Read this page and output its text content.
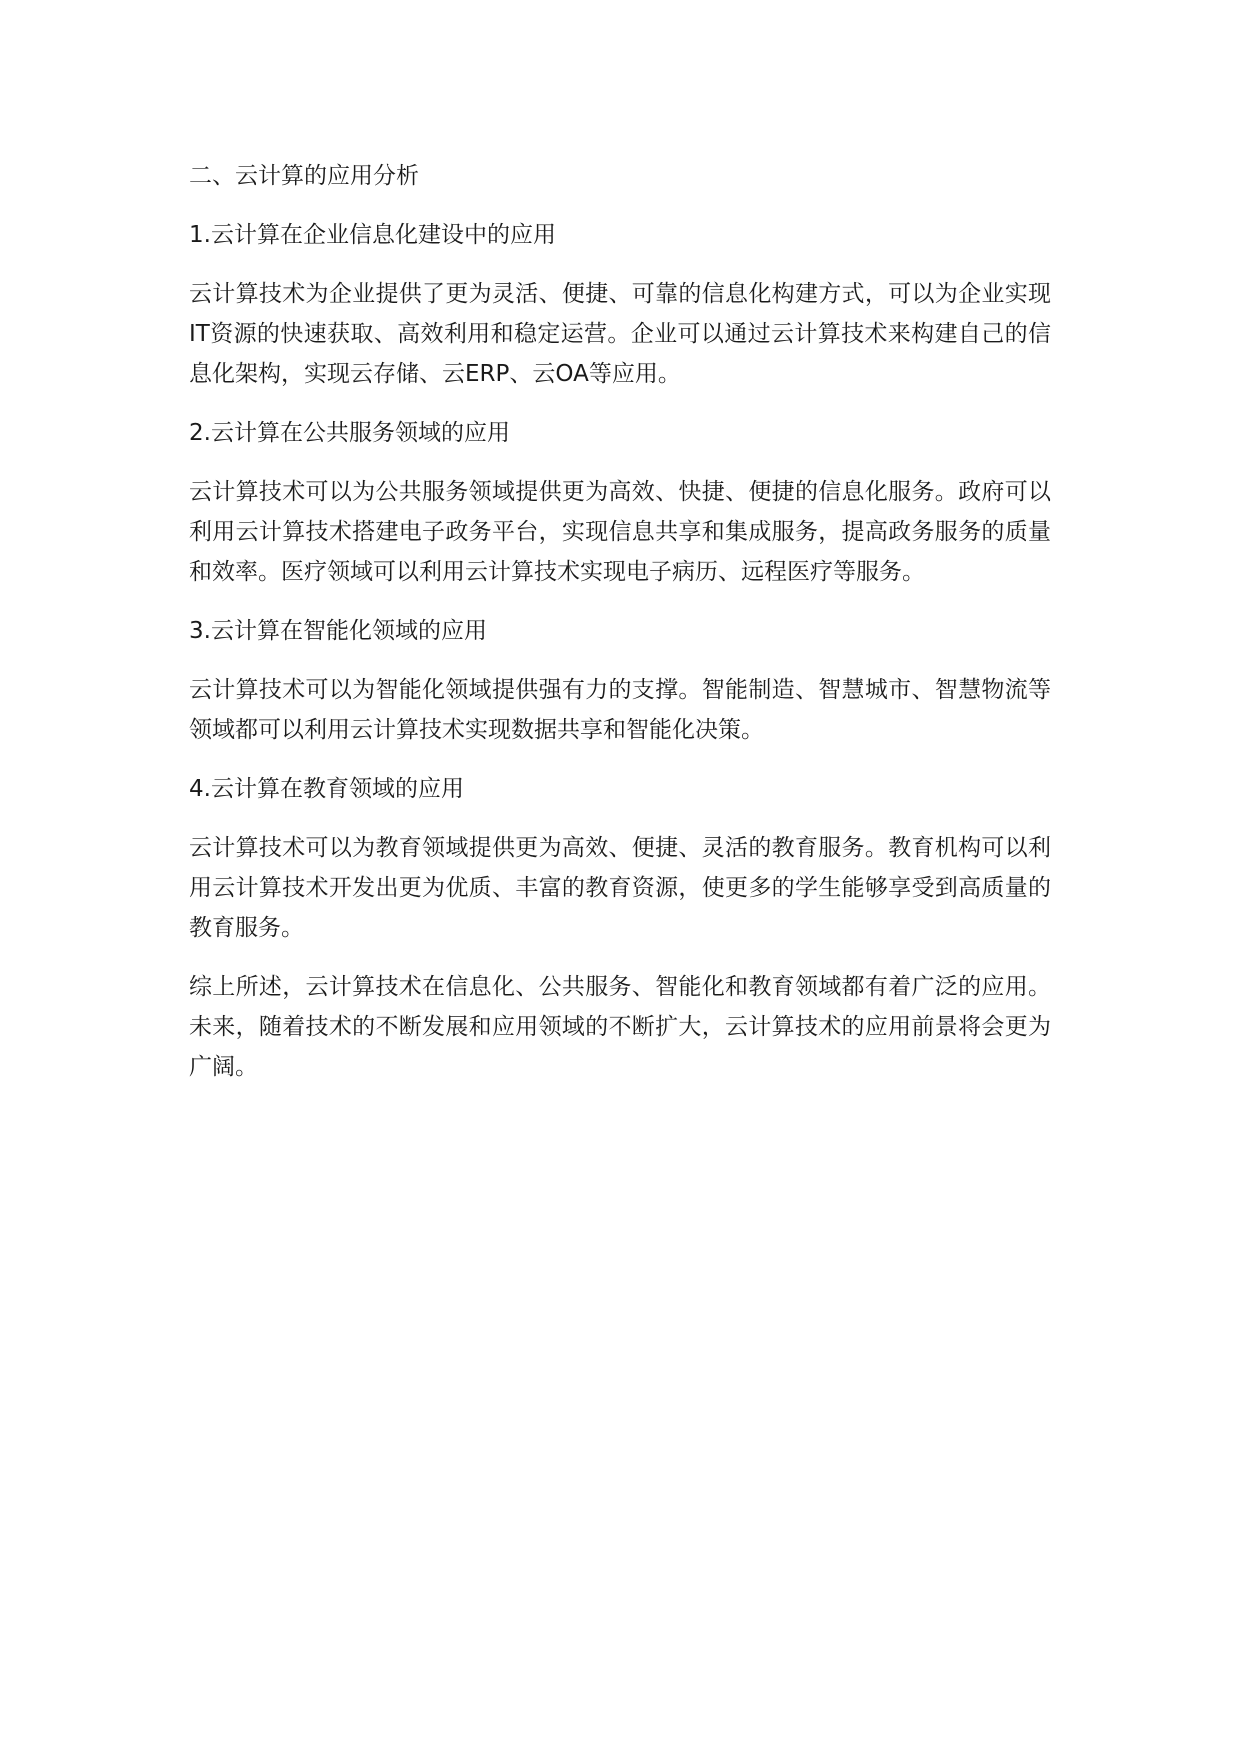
二、云计算的应用分析
1.云计算在企业信息化建设中的应用
云计算技术为企业提供了更为灵活、便捷、可靠的信息化构建方式，可以为企业实现IT资源的快速获取、高效利用和稳定运营。企业可以通过云计算技术来构建自己的信息化架构，实现云存储、云ERP、云OA等应用。
2.云计算在公共服务领域的应用
云计算技术可以为公共服务领域提供更为高效、快捷、便捷的信息化服务。政府可以利用云计算技术搭建电子政务平台，实现信息共享和集成服务，提高政务服务的质量和效率。医疗领域可以利用云计算技术实现电子病历、远程医疗等服务。
3.云计算在智能化领域的应用
云计算技术可以为智能化领域提供强有力的支撑。智能制造、智慧城市、智慧物流等领域都可以利用云计算技术实现数据共享和智能化决策。
4.云计算在教育领域的应用
云计算技术可以为教育领域提供更为高效、便捷、灵活的教育服务。教育机构可以利用云计算技术开发出更为优质、丰富的教育资源，使更多的学生能够享受到高质量的教育服务。
综上所述，云计算技术在信息化、公共服务、智能化和教育领域都有着广泛的应用。未来，随着技术的不断发展和应用领域的不断扩大，云计算技术的应用前景将会更为广阔。
